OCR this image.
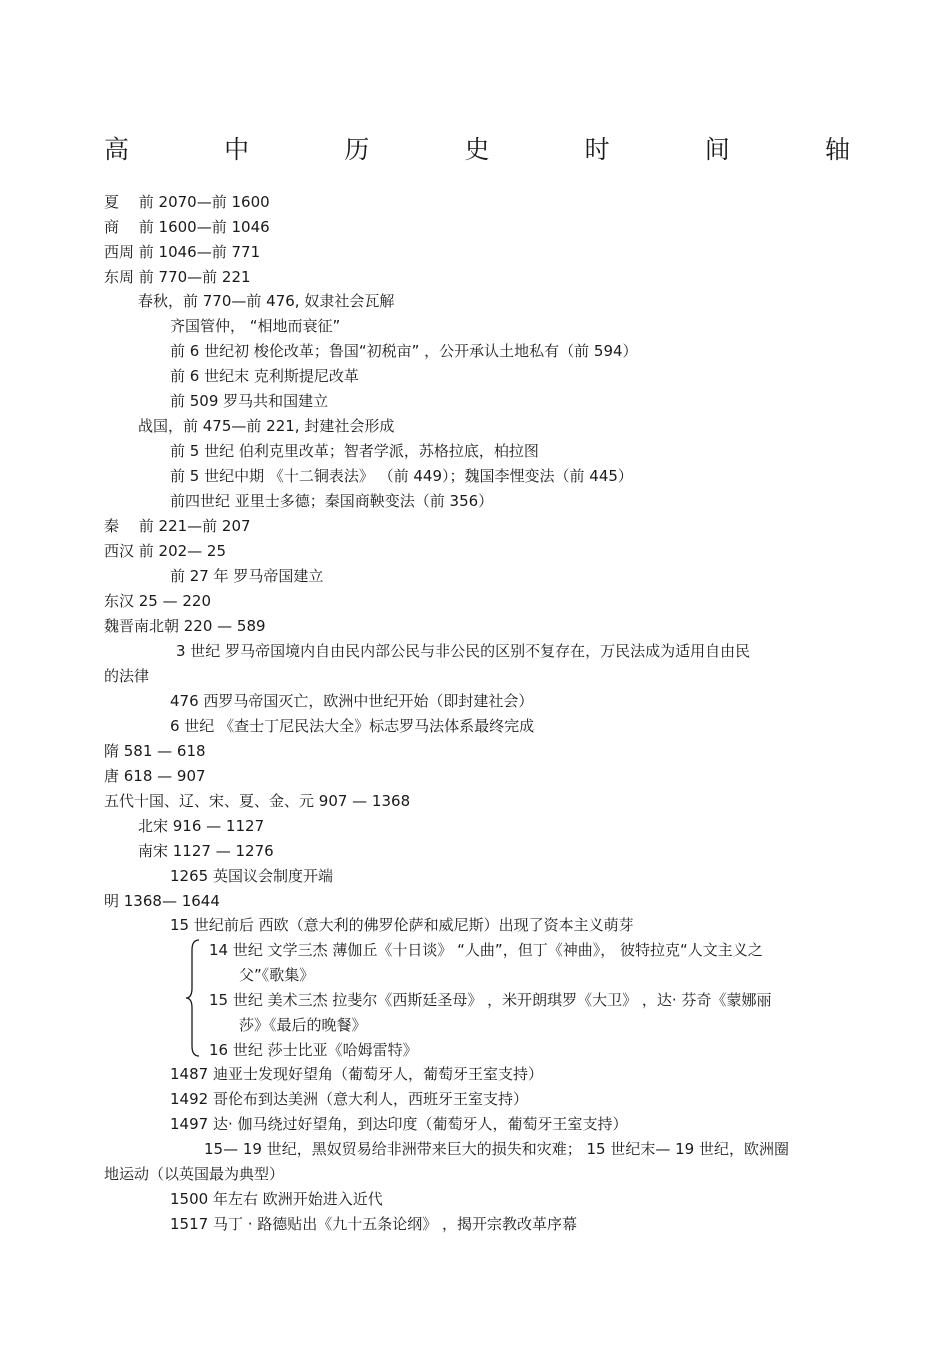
高	中	历	史	时	间	轴
夏　 前 2070—前 1600
商　 前 1600—前 1046
西周 前 1046—前 771
东周 前 770—前 221
春秋，前 770—前 476, 奴隶社会瓦解
齐国管仲， “相地而衰征”
前 6 世纪初 梭伦改革；鲁国“初税亩” ，公开承认土地私有（前 594）
前 6 世纪末 克利斯提尼改革
前 509 罗马共和国建立
战国，前 475—前 221, 封建社会形成
前 5 世纪 伯利克里改革；智者学派，苏格拉底，柏拉图
前 5 世纪中期 《十二铜表法》 （前 449）；魏国李悝变法（前 445）
前四世纪 亚里士多德；秦国商鞅变法（前 356）
秦　 前 221—前 207
西汉 前 202— 25
前 27 年 罗马帝国建立
东汉 25 — 220
魏晋南北朝 220 — 589
3 世纪 罗马帝国境内自由民内部公民与非公民的区别不复存在，万民法成为适用自由民
的法律
476 西罗马帝国灭亡，欧洲中世纪开始（即封建社会）
6 世纪 《查士丁尼民法大全》标志罗马法体系最终完成
隋 581 — 618
唐 618 — 907
五代十国、辽、宋、夏、金、元 907 — 1368
北宋 916 — 1127
南宋 1127 — 1276
1265 英国议会制度开端
明 1368— 1644
15 世纪前后 西欧（意大利的佛罗伦萨和威尼斯）出现了资本主义萌芽
14 世纪 文学三杰 薄伽丘《十日谈》 “人曲”，但丁《神曲》， 彼特拉克“人文主义之
父”《歌集》
15 世纪 美术三杰 拉斐尔《西斯廷圣母》 ，米开朗琪罗《大卫》 ，达· 芬奇《蒙娜丽
莎》《最后的晚餐》
16 世纪 莎士比亚《哈姆雷特》
1487 迪亚士发现好望角（葡萄牙人，葡萄牙王室支持）
1492 哥伦布到达美洲（意大利人，西班牙王室支持）
1497 达· 伽马绕过好望角，到达印度（葡萄牙人，葡萄牙王室支持）
15— 19 世纪，黑奴贸易给非洲带来巨大的损失和灾难； 15 世纪末— 19 世纪，欧洲圈
地运动（以英国最为典型）
1500 年左右 欧洲开始进入近代
1517 马丁 · 路德贴出《九十五条论纲》 ，揭开宗教改革序幕
